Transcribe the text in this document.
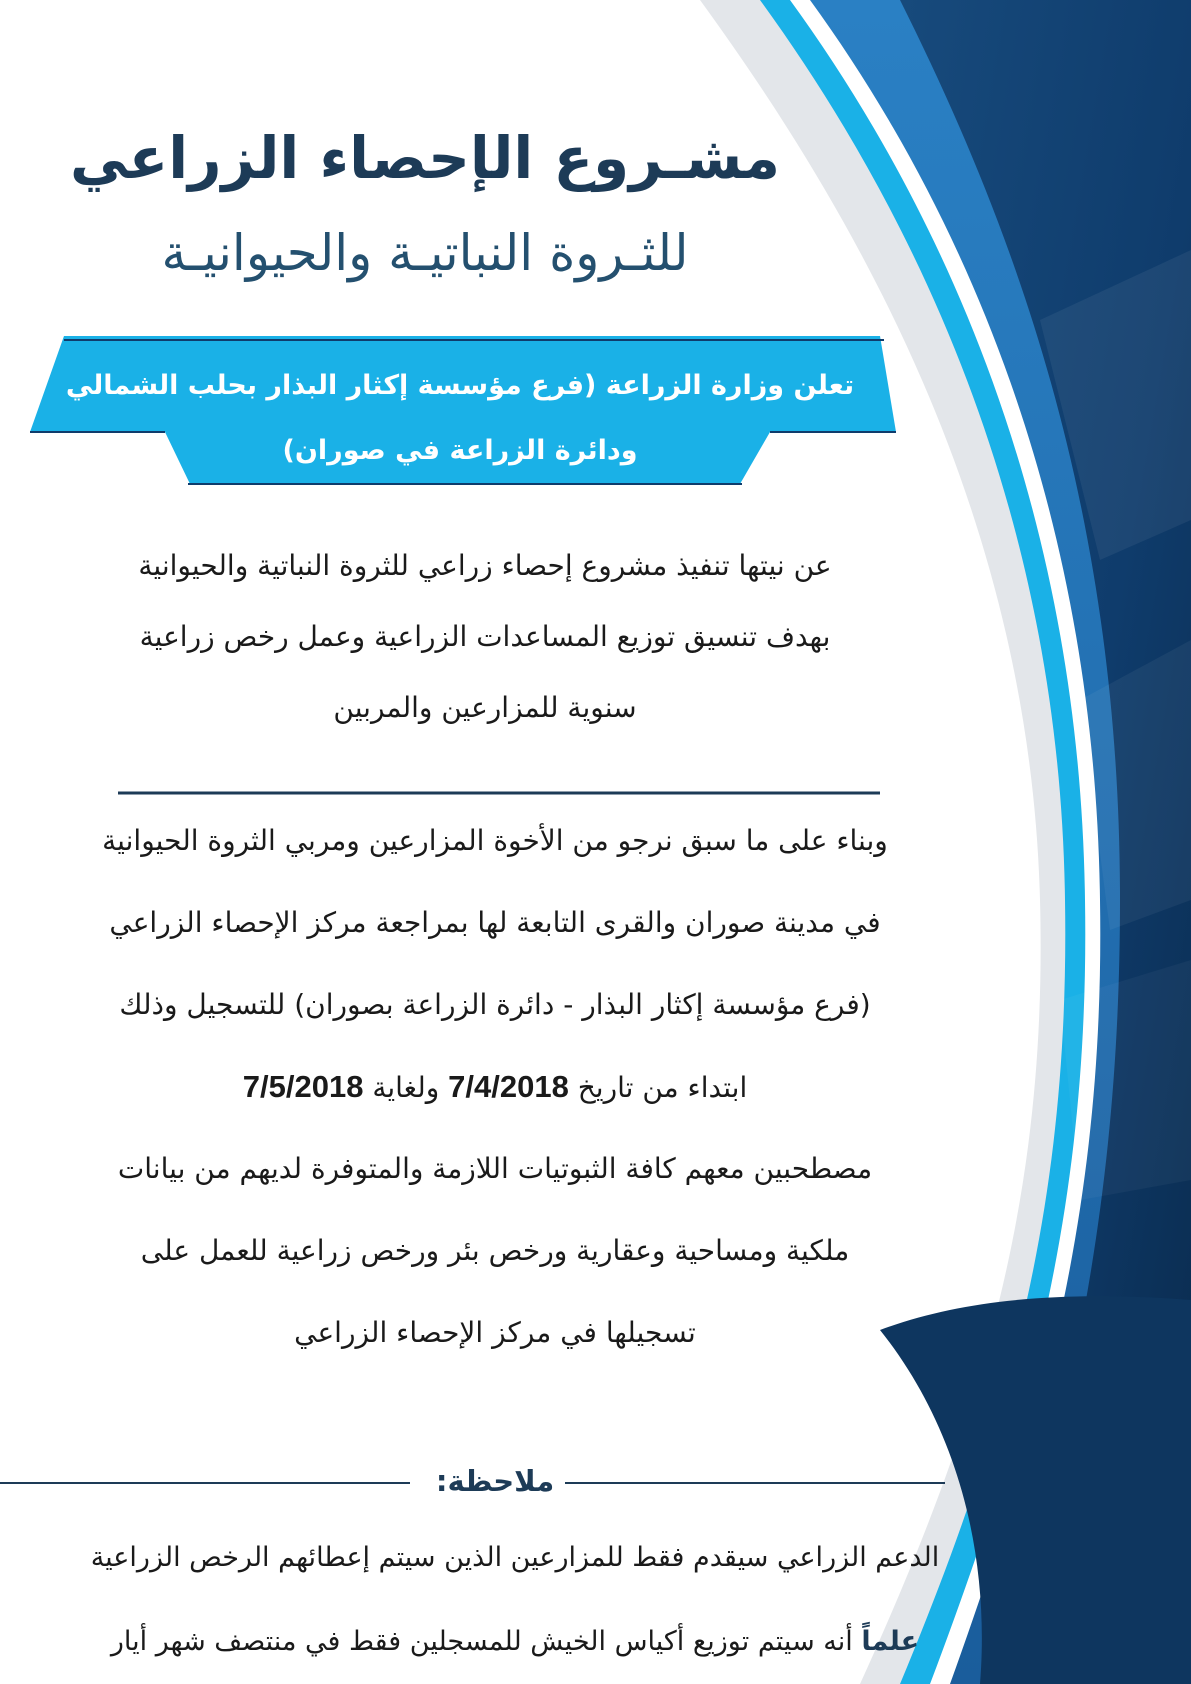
مشـروع الإحصاء الزراعي
للثـروة النباتيـة والحيوانيـة
تعلن وزارة الزراعة (فرع مؤسسة إكثار البذار بحلب الشمالي
ودائرة الزراعة في صوران)
عن نيتها تنفيذ مشروع إحصاء زراعي للثروة النباتية والحيوانية
بهدف تنسيق توزيع المساعدات الزراعية وعمل رخص زراعية
سنوية للمزارعين والمربين
وبناء على ما سبق نرجو من الأخوة المزارعين ومربي الثروة الحيوانية
في مدينة صوران والقرى التابعة لها بمراجعة مركز الإحصاء الزراعي
(فرع مؤسسة إكثار البذار - دائرة الزراعة بصوران) للتسجيل وذلك
ابتداء من تاريخ 7/4/2018 ولغاية 7/5/2018
مصطحبين معهم كافة الثبوتيات اللازمة والمتوفرة لديهم من بيانات
ملكية ومساحية وعقارية ورخص بئر ورخص زراعية للعمل على
تسجيلها في مركز الإحصاء الزراعي
ملاحظة:
الدعم الزراعي سيقدم فقط للمزارعين الذين سيتم إعطائهم الرخص الزراعية
علماً أنه سيتم توزيع أكياس الخيش للمسجلين فقط في منتصف شهر أيار
